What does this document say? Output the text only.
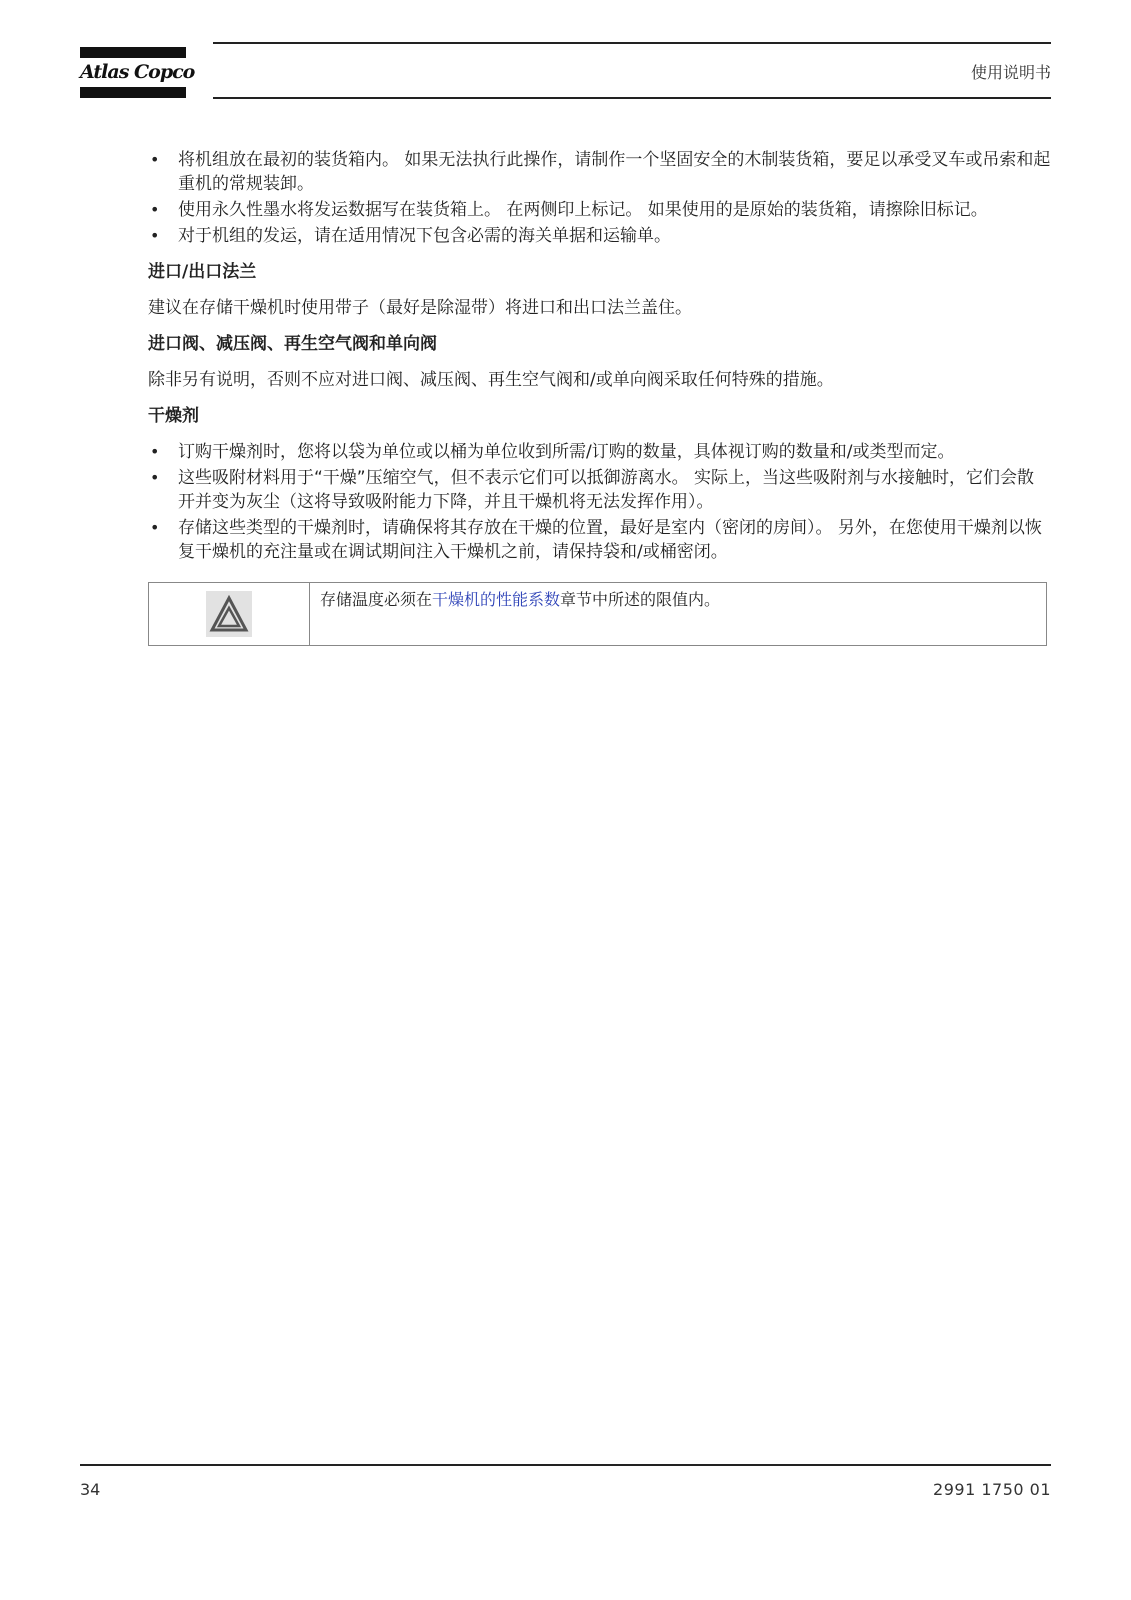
Atlas Copco	使用说明书
• 将机组放在最初的装货箱内。 如果无法执行此操作，请制作一个坚固安全的木制装货箱，要足以承受叉车或吊索和起重机的常规装卸。
• 使用永久性墨水将发运数据写在装货箱上。 在两侧印上标记。 如果使用的是原始的装货箱，请擦除旧标记。
• 对于机组的发运，请在适用情况下包含必需的海关单据和运输单。
进口/出口法兰

建议在存储干燥机时使用带子（最好是除湿带）将进口和出口法兰盖住。

进口阀、减压阀、再生空气阀和单向阀

除非另有说明，否则不应对进口阀、减压阀、再生空气阀和/或单向阀采取任何特殊的措施。

干燥剂
• 订购干燥剂时，您将以袋为单位或以桶为单位收到所需/订购的数量，具体视订购的数量和/或类型而定。
• 这些吸附材料用于“干燥”压缩空气，但不表示它们可以抵御游离水。 实际上，当这些吸附剂与水接触时，它们会散开并变为灰尘（这将导致吸附能力下降，并且干燥机将无法发挥作用）。
• 存储这些类型的干燥剂时，请确保将其存放在干燥的位置，最好是室内（密闭的房间）。 另外，在您使用干燥剂以恢复干燥机的充注量或在调试期间注入干燥机之前，请保持袋和/或桶密闭。
存储温度必须在干燥机的性能系数章节中所述的限值内。
34	2991 1750 01
